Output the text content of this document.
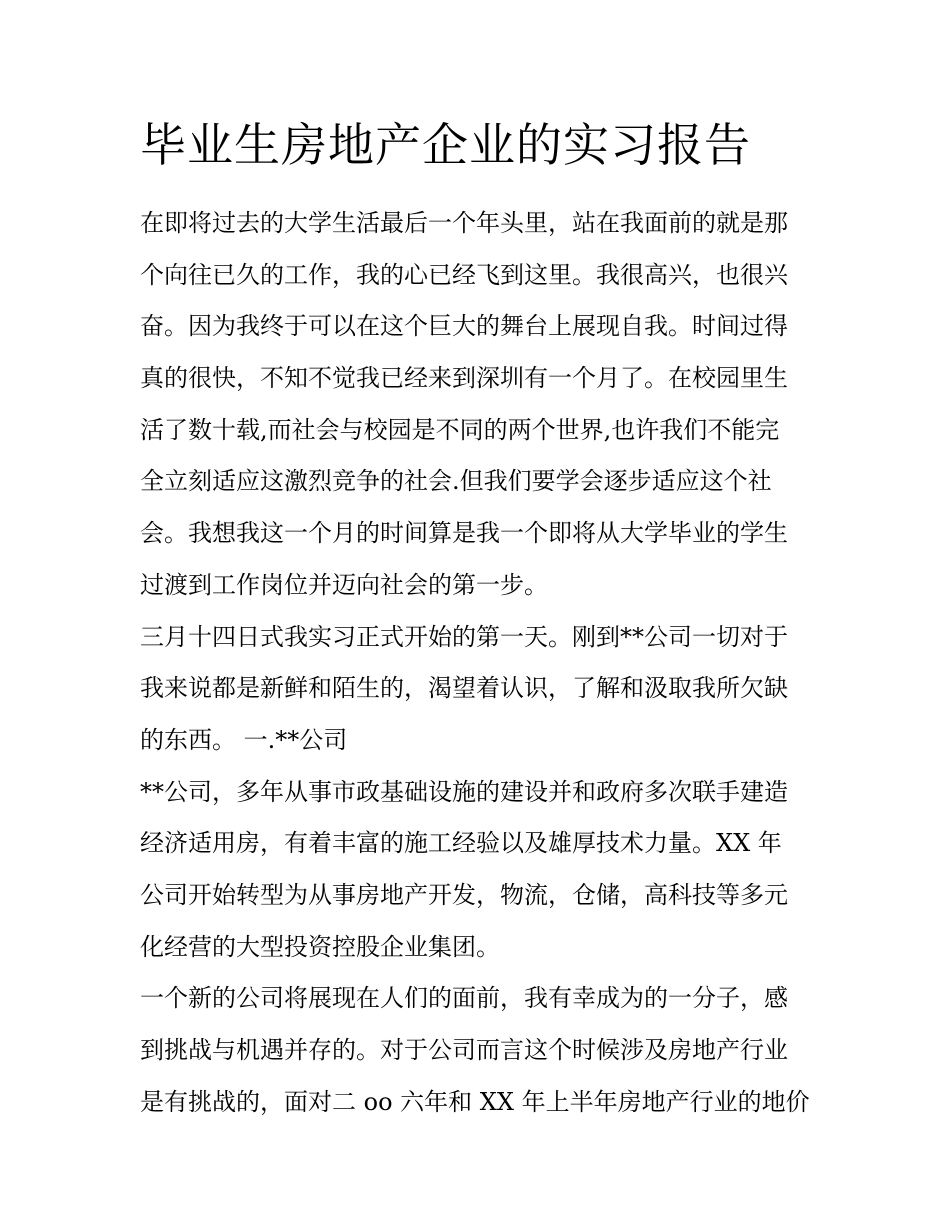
毕业生房地产企业的实习报告
在即将过去的大学生活最后一个年头里，站在我面前的就是那
个向往已久的工作，我的心已经飞到这里。我很高兴，也很兴
奋。因为我终于可以在这个巨大的舞台上展现自我。时间过得
真的很快，不知不觉我已经来到深圳有一个月了。在校园里生
活了数十载,而社会与校园是不同的两个世界,也许我们不能完
全立刻适应这激烈竞争的社会.但我们要学会逐步适应这个社
会。我想我这一个月的时间算是我一个即将从大学毕业的学生
过渡到工作岗位并迈向社会的第一步。
三月十四日式我实习正式开始的第一天。刚到**公司一切对于
我来说都是新鲜和陌生的，渴望着认识，了解和汲取我所欠缺
的东西。 一.**公司
**公司，多年从事市政基础设施的建设并和政府多次联手建造
经济适用房，有着丰富的施工经验以及雄厚技术力量。XX 年
公司开始转型为从事房地产开发，物流，仓储，高科技等多元
化经营的大型投资控股企业集团。
一个新的公司将展现在人们的面前，我有幸成为的一分子，感
到挑战与机遇并存的。对于公司而言这个时候涉及房地产行业
是有挑战的，面对二 oo 六年和 XX 年上半年房地产行业的地价
